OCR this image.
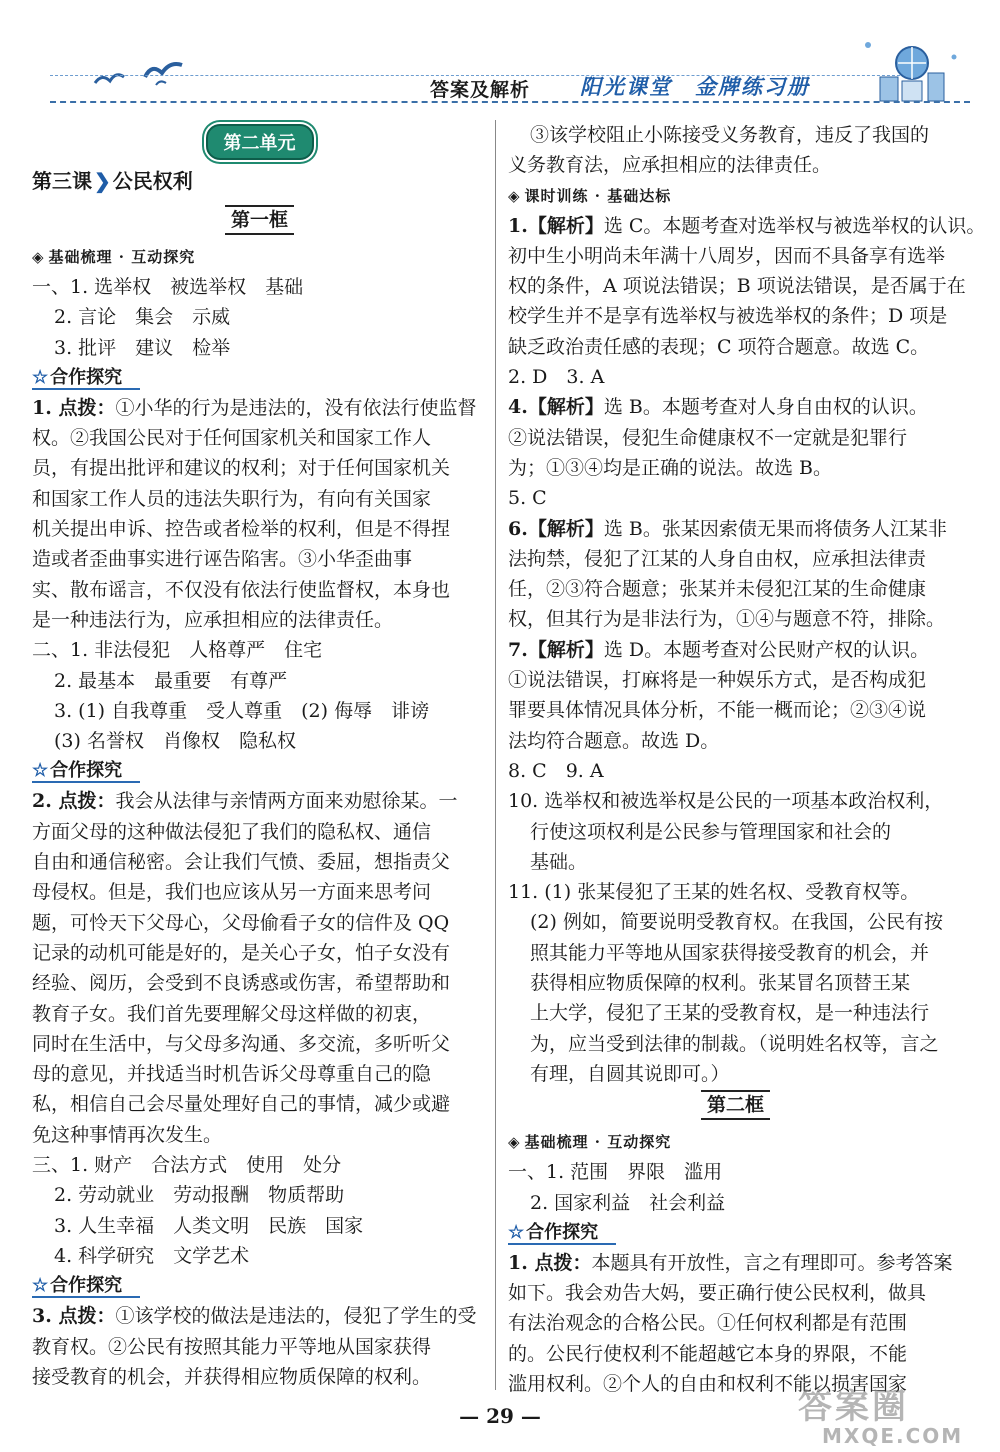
答案及解析 阳光课堂　金牌练习册
第二单元
第三课 ❯ 公民权利
第一框
◈ 基础梳理 · 互动探究
一、1. 选举权　被选举权　基础
2. 言论　集会　示威
3. 批评　建议　检举
☆ 合作探究
1. 点拨：①小华的行为是违法的，没有依法行使监督
权。②我国公民对于任何国家机关和国家工作人
员，有提出批评和建议的权利；对于任何国家机关
和国家工作人员的违法失职行为，有向有关国家
机关提出申诉、控告或者检举的权利，但是不得捏
造或者歪曲事实进行诬告陷害。③小华歪曲事
实、散布谣言，不仅没有依法行使监督权，本身也
是一种违法行为，应承担相应的法律责任。
二、1. 非法侵犯　人格尊严　住宅
2. 最基本　最重要　有尊严
3. (1) 自我尊重　受人尊重　(2) 侮辱　诽谤
(3) 名誉权　肖像权　隐私权
☆ 合作探究
2. 点拨：我会从法律与亲情两方面来劝慰徐某。一
方面父母的这种做法侵犯了我们的隐私权、通信
自由和通信秘密。会让我们气愤、委屈，想指责父
母侵权。但是，我们也应该从另一方面来思考问
题，可怜天下父母心，父母偷看子女的信件及 QQ
记录的动机可能是好的，是关心子女，怕子女没有
经验、阅历，会受到不良诱惑或伤害，希望帮助和
教育子女。我们首先要理解父母这样做的初衷，
同时在生活中，与父母多沟通、多交流，多听听父
母的意见，并找适当时机告诉父母尊重自己的隐
私，相信自己会尽量处理好自己的事情，减少或避
免这种事情再次发生。
三、1. 财产　合法方式　使用　处分
2. 劳动就业　劳动报酬　物质帮助
3. 人生幸福　人类文明　民族　国家
4. 科学研究　文学艺术
☆ 合作探究
3. 点拨：①该学校的做法是违法的，侵犯了学生的受
教育权。②公民有按照其能力平等地从国家获得
接受教育的机会，并获得相应物质保障的权利。
③该学校阻止小陈接受义务教育，违反了我国的
义务教育法，应承担相应的法律责任。
◈ 课时训练 · 基础达标
1.【解析】选 C。本题考查对选举权与被选举权的认识。
初中生小明尚未年满十八周岁，因而不具备享有选举
权的条件，A 项说法错误；B 项说法错误，是否属于在
校学生并不是享有选举权与被选举权的条件；D 项是
缺乏政治责任感的表现；C 项符合题意。故选 C。
2. D　3. A
4.【解析】选 B。本题考查对人身自由权的认识。
②说法错误，侵犯生命健康权不一定就是犯罪行
为；①③④均是正确的说法。故选 B。
5. C
6.【解析】选 B。张某因索债无果而将债务人江某非
法拘禁，侵犯了江某的人身自由权，应承担法律责
任，②③符合题意；张某并未侵犯江某的生命健康
权，但其行为是非法行为，①④与题意不符，排除。
7.【解析】选 D。本题考查对公民财产权的认识。
①说法错误，打麻将是一种娱乐方式，是否构成犯
罪要具体情况具体分析，不能一概而论；②③④说
法均符合题意。故选 D。
8. C　9. A
10. 选举权和被选举权是公民的一项基本政治权利，
行使这项权利是公民参与管理国家和社会的
基础。
11. (1) 张某侵犯了王某的姓名权、受教育权等。
(2) 例如，简要说明受教育权。在我国，公民有按
照其能力平等地从国家获得接受教育的机会，并
获得相应物质保障的权利。张某冒名顶替王某
上大学，侵犯了王某的受教育权，是一种违法行
为，应当受到法律的制裁。（说明姓名权等，言之
有理，自圆其说即可。）
第二框
◈ 基础梳理 · 互动探究
一、1. 范围　界限　滥用
2. 国家利益　社会利益
☆ 合作探究
1. 点拨：本题具有开放性，言之有理即可。参考答案
如下。我会劝告大妈，要正确行使公民权利，做具
有法治观念的合格公民。①任何权利都是有范围
的。公民行使权利不能超越它本身的界限，不能
滥用权利。②个人的自由和权利不能以损害国家
— 29 —	答案圈
MXQE.COM
